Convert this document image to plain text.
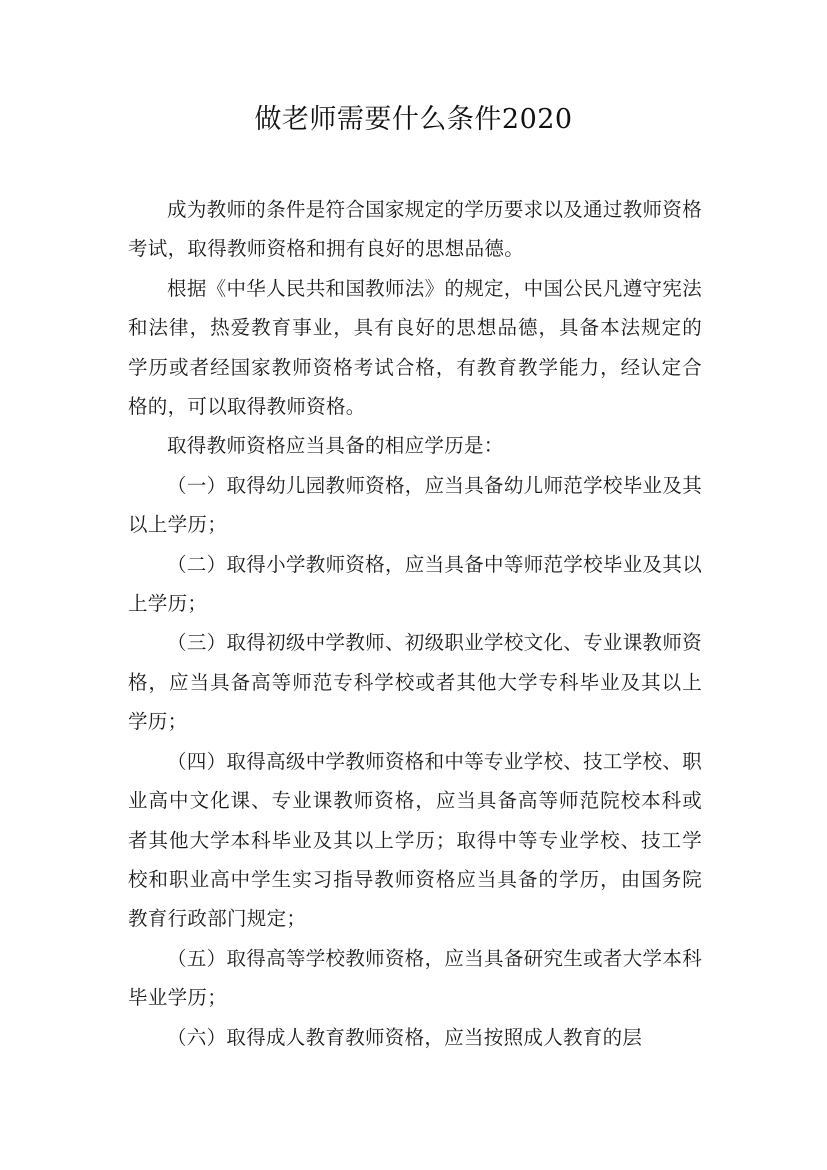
做老师需要什么条件2020

成为教师的条件是符合国家规定的学历要求以及通过教师资格考试，取得教师资格和拥有良好的思想品德。

根据《中华人民共和国教师法》的规定，中国公民凡遵守宪法和法律，热爱教育事业，具有良好的思想品德，具备本法规定的学历或者经国家教师资格考试合格，有教育教学能力，经认定合格的，可以取得教师资格。

取得教师资格应当具备的相应学历是：

（一）取得幼儿园教师资格，应当具备幼儿师范学校毕业及其以上学历；

（二）取得小学教师资格，应当具备中等师范学校毕业及其以上学历；

（三）取得初级中学教师、初级职业学校文化、专业课教师资格，应当具备高等师范专科学校或者其他大学专科毕业及其以上学历；

（四）取得高级中学教师资格和中等专业学校、技工学校、职业高中文化课、专业课教师资格，应当具备高等师范院校本科或者其他大学本科毕业及其以上学历；取得中等专业学校、技工学校和职业高中学生实习指导教师资格应当具备的学历，由国务院教育行政部门规定；

（五）取得高等学校教师资格，应当具备研究生或者大学本科毕业学历；

（六）取得成人教育教师资格，应当按照成人教育的层
